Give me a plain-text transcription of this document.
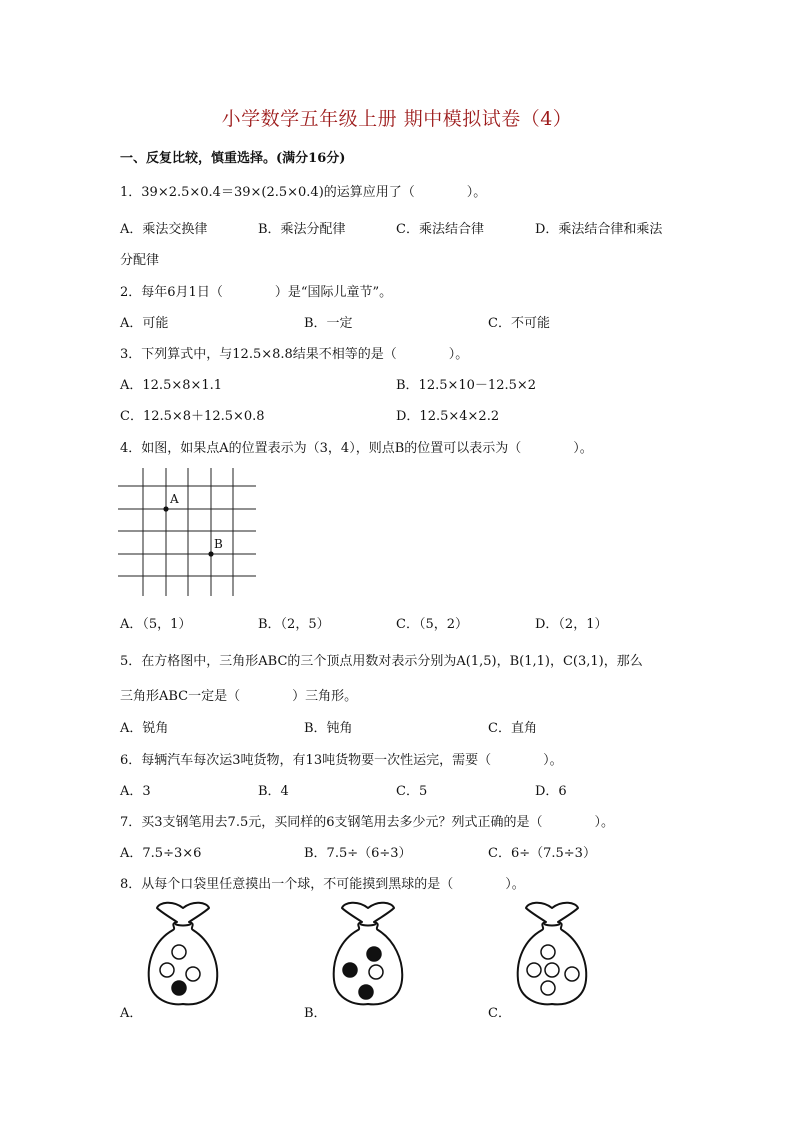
小学数学五年级上册 期中模拟试卷（4）
一、反复比较，慎重选择。(满分16分)
1．39×2.5×0.4＝39×(2.5×0.4)的运算应用了（　　　　）。
A．乘法交换律	B．乘法分配律	C．乘法结合律	D．乘法结合律和乘法
分配律
2．每年6月1日（　　　　）是“国际儿童节”。
A．可能	B．一定	C．不可能
3．下列算式中，与12.5×8.8结果不相等的是（　　　　）。
A．12.5×8×1.1	B．12.5×10－12.5×2
C．12.5×8＋12.5×0.8	D．12.5×4×2.2
4．如图，如果点A的位置表示为（3，4），则点B的位置可以表示为（　　　　）。
A
B
A．（5，1）	B．（2，5）	C．（5，2）	D．（2，1）
5．在方格图中，三角形ABC的三个顶点用数对表示分别为A(1,5)，B(1,1)，C(3,1)，那么
三角形ABC一定是（　　　　）三角形。
A．锐角	B．钝角	C．直角
6．每辆汽车每次运3吨货物，有13吨货物要一次性运完，需要（　　　　）。
A．3	B．4	C．5	D．6
7．买3支钢笔用去7.5元，买同样的6支钢笔用去多少元？列式正确的是（　　　　）。
A．7.5÷3×6	B．7.5÷（6÷3）	C．6÷（7.5÷3）
8．从每个口袋里任意摸出一个球，不可能摸到黑球的是（　　　　）。
A．	B．	C．
